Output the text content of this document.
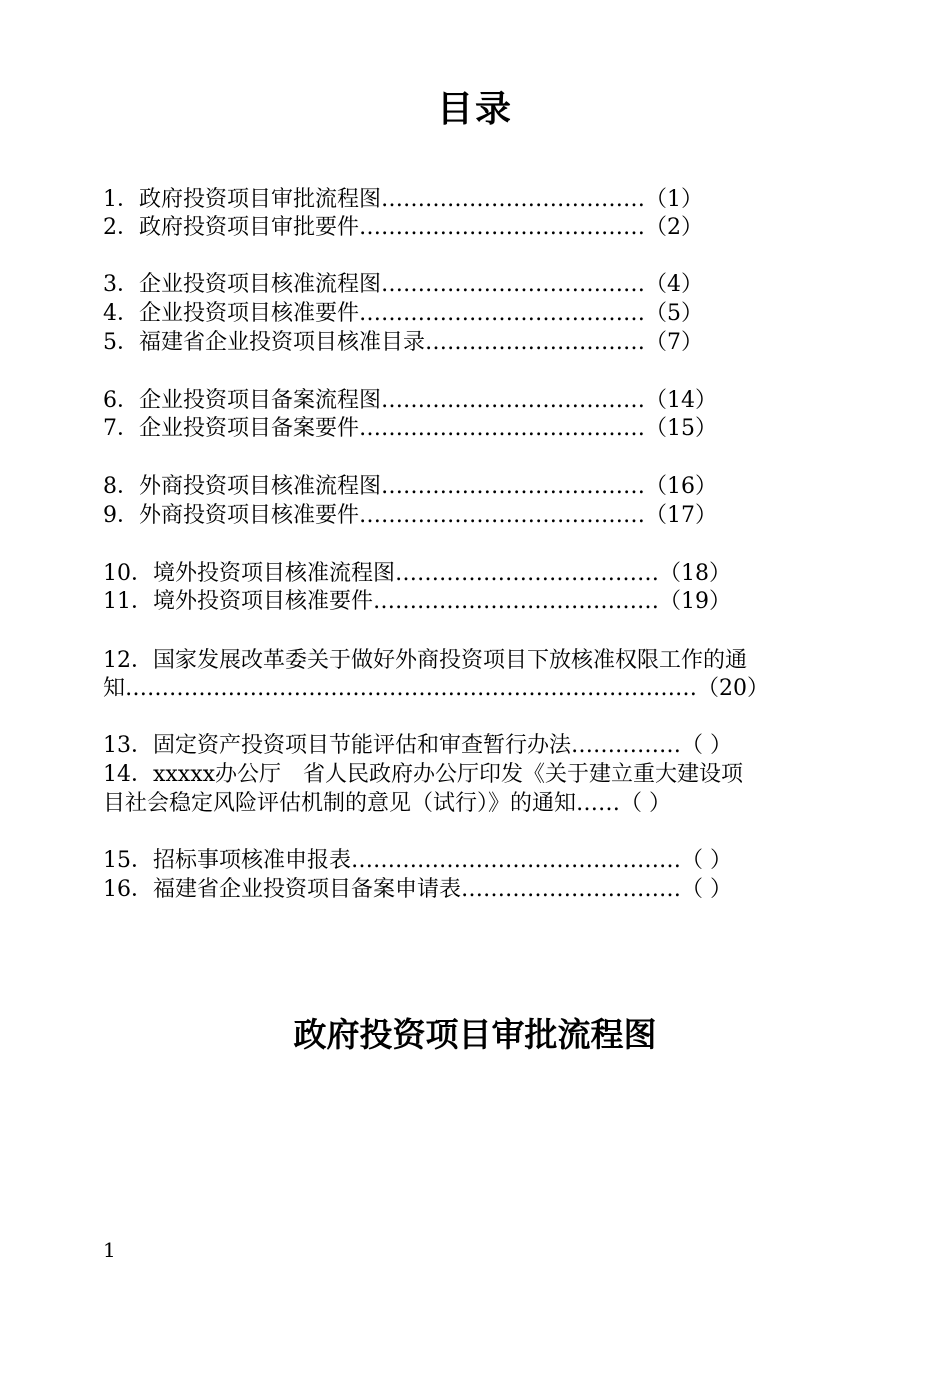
目录
1．政府投资项目审批流程图………………………………（1）
2．政府投资项目审批要件…………………………………（2）
3．企业投资项目核准流程图………………………………（4）
4．企业投资项目核准要件…………………………………（5）
5．福建省企业投资项目核准目录…………………………（7）
6．企业投资项目备案流程图………………………………（14）
7．企业投资项目备案要件…………………………………（15）
8．外商投资项目核准流程图………………………………（16）
9．外商投资项目核准要件…………………………………（17）
10．境外投资项目核准流程图………………………………（18）
11．境外投资项目核准要件…………………………………（19）
12．国家发展改革委关于做好外商投资项目下放核准权限工作的通
知……………………………………………………………………（20）
13．固定资产投资项目节能评估和审查暂行办法……………（ ）
14．xxxxx办公厅　省人民政府办公厅印发《关于建立重大建设项
目社会稳定风险评估机制的意见（试行）》的通知……（ ）
15．招标事项核准申报表………………………………………（ ）
16．福建省企业投资项目备案申请表…………………………（ ）
政府投资项目审批流程图
1
